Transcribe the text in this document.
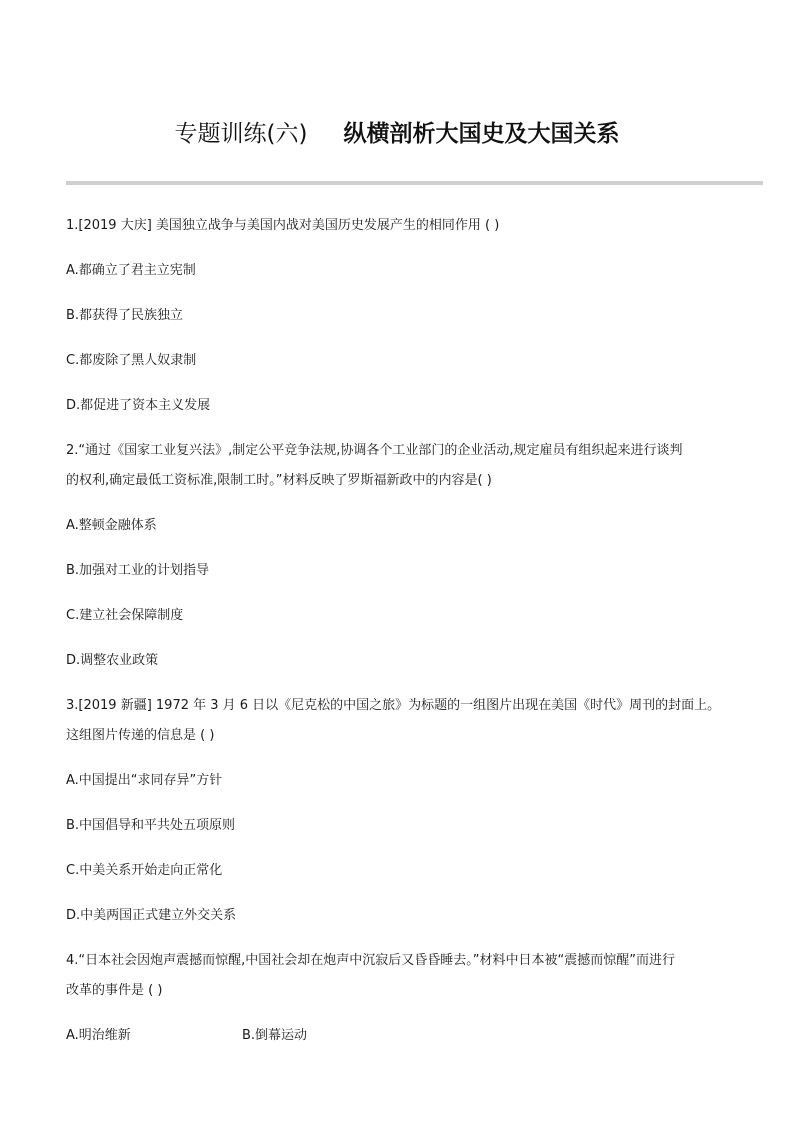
专题训练(六) 纵横剖析大国史及大国关系
1.[2019 大庆] 美国独立战争与美国内战对美国历史发展产生的相同作用 ( )
A.都确立了君主立宪制
B.都获得了民族独立
C.都废除了黑人奴隶制
D.都促进了资本主义发展
2.“通过《国家工业复兴法》,制定公平竞争法规,协调各个工业部门的企业活动,规定雇员有组织起来进行谈判
的权利,确定最低工资标准,限制工时。”材料反映了罗斯福新政中的内容是( )
A.整顿金融体系
B.加强对工业的计划指导
C.建立社会保障制度
D.调整农业政策
3.[2019 新疆] 1972 年 3 月 6 日以《尼克松的中国之旅》为标题的一组图片出现在美国《时代》周刊的封面上。
这组图片传递的信息是 ( )
A.中国提出“求同存异”方针
B.中国倡导和平共处五项原则
C.中美关系开始走向正常化
D.中美两国正式建立外交关系
4.“日本社会因炮声震撼而惊醒,中国社会却在炮声中沉寂后又昏昏睡去。”材料中日本被“震撼而惊醒”而进行
改革的事件是 ( )
A.明治维新	B.倒幕运动
